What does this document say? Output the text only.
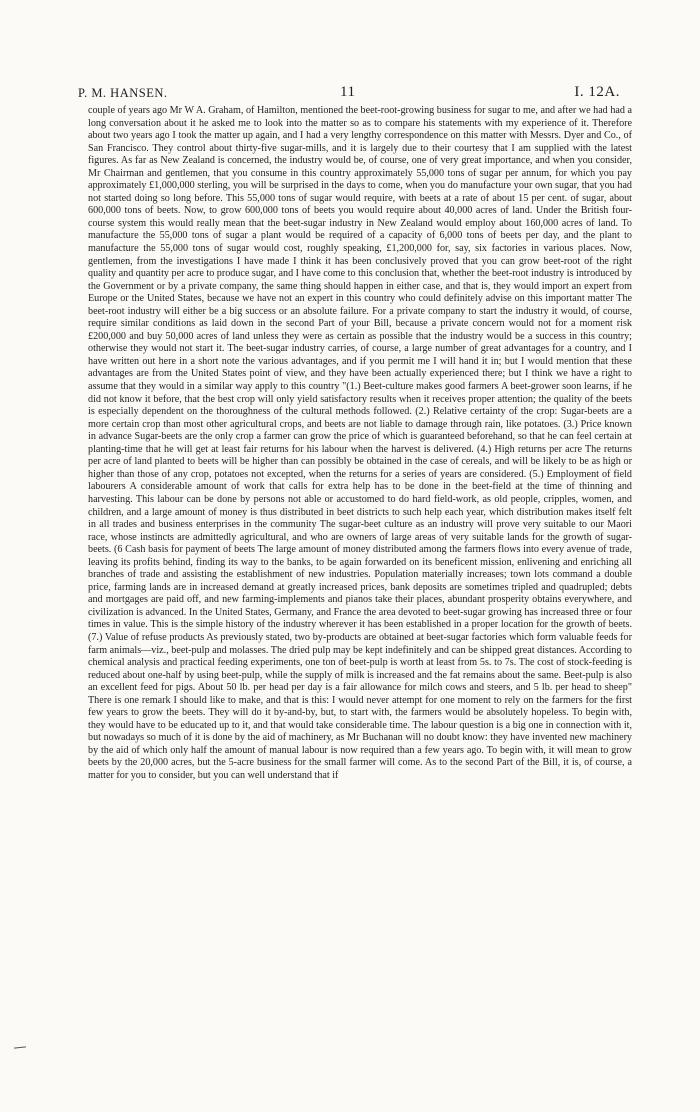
P. M. HANSEN.	11	I. 12A.

couple of years ago Mr W A. Graham, of Hamilton, mentioned the beet-root-growing business for sugar to me, and after we had had a long conversation about it he asked me to look into the matter so as to compare his statements with my experience of it. Therefore about two years ago I took the matter up again, and I had a very lengthy correspondence on this matter with Messrs. Dyer and Co., of San Francisco. They control about thirty-five sugar-mills, and it is largely due to their courtesy that I am supplied with the latest figures. As far as New Zealand is concerned, the industry would be, of course, one of very great importance, and when you consider, Mr Chairman and gentlemen, that you consume in this country approximately 55,000 tons of sugar per annum, for which you pay approximately £1,000,000 sterling, you will be surprised in the days to come, when you do manufacture your own sugar, that you had not started doing so long before. This 55,000 tons of sugar would require, with beets at a rate of about 15 per cent. of sugar, about 600,000 tons of beets. Now, to grow 600,000 tons of beets you would require about 40,000 acres of land. Under the British four-course system this would really mean that the beet-sugar industry in New Zealand would employ about 160,000 acres of land. To manufacture the 55,000 tons of sugar a plant would be required of a capacity of 6,000 tons of beets per day, and the plant to manufacture the 55,000 tons of sugar would cost, roughly speaking, £1,200,000 for, say, six factories in various places. Now, gentlemen, from the investigations I have made I think it has been conclusively proved that you can grow beet-root of the right quality and quantity per acre to produce sugar, and I have come to this conclusion that, whether the beet-root industry is introduced by the Government or by a private company, the same thing should happen in either case, and that is, they would import an expert from Europe or the United States, because we have not an expert in this country who could definitely advise on this important matter The beet-root industry will either be a big success or an absolute failure. For a private company to start the industry it would, of course, require similar conditions as laid down in the second Part of your Bill, because a private concern would not for a moment risk £200,000 and buy 50,000 acres of land unless they were as certain as possible that the industry would be a success in this country; otherwise they would not start it. The beet-sugar industry carries, of course, a large number of great advantages for a country, and I have written out here in a short note the various advantages, and if you permit me I will hand it in; but I would mention that these advantages are from the United States point of view, and they have been actually experienced there; but I think we have a right to assume that they would in a similar way apply to this country "(1.) Beet-culture makes good farmers A beet-grower soon learns, if he did not know it before, that the best crop will only yield satisfactory results when it receives proper attention; the quality of the beets is especially dependent on the thoroughness of the cultural methods followed. (2.) Relative certainty of the crop: Sugar-beets are a more certain crop than most other agricultural crops, and beets are not liable to damage through rain, like potatoes. (3.) Price known in advance Sugar-beets are the only crop a farmer can grow the price of which is guaranteed beforehand, so that he can feel certain at planting-time that he will get at least fair returns for his labour when the harvest is delivered. (4.) High returns per acre The returns per acre of land planted to beets will be higher than can possibly be obtained in the case of cereals, and will be likely to be as high or higher than those of any crop, potatoes not excepted, when the returns for a series of years are considered. (5.) Employment of field labourers A considerable amount of work that calls for extra help has to be done in the beet-field at the time of thinning and harvesting. This labour can be done by persons not able or accustomed to do hard field-work, as old people, cripples, women, and children, and a large amount of money is thus distributed in beet districts to such help each year, which distribution makes itself felt in all trades and business enterprises in the community The sugar-beet culture as an industry will prove very suitable to our Maori race, whose instincts are admittedly agricultural, and who are owners of large areas of very suitable lands for the growth of sugar-beets. (6 Cash basis for payment of beets The large amount of money distributed among the farmers flows into every avenue of trade, leaving its profits behind, finding its way to the banks, to be again forwarded on its beneficent mission, enlivening and enriching all branches of trade and assisting the establishment of new industries. Population materially increases; town lots command a double price, farming lands are in increased demand at greatly increased prices, bank deposits are sometimes tripled and quadrupled; debts and mortgages are paid off, and new farming-implements and pianos take their places, abundant prosperity obtains everywhere, and civilization is advanced. In the United States, Germany, and France the area devoted to beet-sugar growing has increased three or four times in value. This is the simple history of the industry wherever it has been established in a proper location for the growth of beets. (7.) Value of refuse products As previously stated, two by-products are obtained at beet-sugar factories which form valuable feeds for farm animals—viz., beet-pulp and molasses. The dried pulp may be kept indefinitely and can be shipped great distances. According to chemical analysis and practical feeding experiments, one ton of beet-pulp is worth at least from 5s. to 7s. The cost of stock-feeding is reduced about one-half by using beet-pulp, while the supply of milk is increased and the fat remains about the same. Beet-pulp is also an excellent feed for pigs. About 50 lb. per head per day is a fair allowance for milch cows and steers, and 5 lb. per head to sheep" There is one remark I should like to make, and that is this: I would never attempt for one moment to rely on the farmers for the first few years to grow the beets. They will do it by-and-by, but, to start with, the farmers would be absolutely hopeless. To begin with, they would have to be educated up to it, and that would take considerable time. The labour question is a big one in connection with it, but nowadays so much of it is done by the aid of machinery, as Mr Buchanan will no doubt know: they have invented new machinery by the aid of which only half the amount of manual labour is now required than a few years ago. To begin with, it will mean to grow beets by the 20,000 acres, but the 5-acre business for the small farmer will come. As to the second Part of the Bill, it is, of course, a matter for you to consider, but you can well understand that if
